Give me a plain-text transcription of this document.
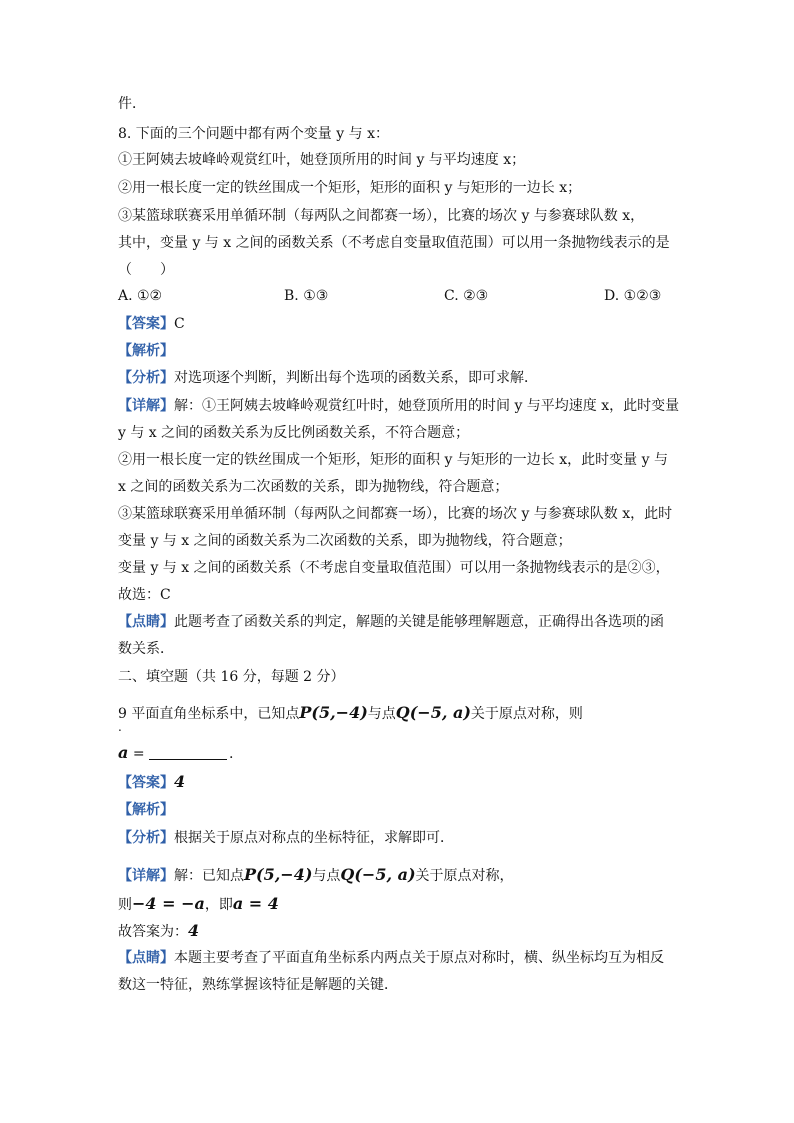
件．
8. 下面的三个问题中都有两个变量 y 与 x：
①王阿姨去坡峰岭观赏红叶，她登顶所用的时间 y 与平均速度 x；
②用一根长度一定的铁丝围成一个矩形，矩形的面积 y 与矩形的一边长 x；
③某篮球联赛采用单循环制（每两队之间都赛一场），比赛的场次 y 与参赛球队数 x，
其中，变量 y 与 x 之间的函数关系（不考虑自变量取值范围）可以用一条抛物线表示的是
（　　）
A. ①②	B. ①③	C. ②③	D. ①②③
【答案】C
【解析】
【分析】对选项逐个判断，判断出每个选项的函数关系，即可求解．
【详解】解：①王阿姨去坡峰岭观赏红叶时，她登顶所用的时间 y 与平均速度 x，此时变量
y 与 x 之间的函数关系为反比例函数关系，不符合题意；
②用一根长度一定的铁丝围成一个矩形，矩形的面积 y 与矩形的一边长 x，此时变量 y 与
x 之间的函数关系为二次函数的关系，即为抛物线，符合题意；
③某篮球联赛采用单循环制（每两队之间都赛一场），比赛的场次 y 与参赛球队数 x，此时
变量 y 与 x 之间的函数关系为二次函数的关系，即为抛物线，符合题意；
变量 y 与 x 之间的函数关系（不考虑自变量取值范围）可以用一条抛物线表示的是②③，
故选：C
【点睛】此题考查了函数关系的判定，解题的关键是能够理解题意，正确得出各选项的函
数关系．
二、填空题（共 16 分，每题 2 分）
9 平面直角坐标系中，已知点P(5,−4)与点Q(−5, a)关于原点对称，则
.
a =	.
【答案】4
【解析】
【分析】根据关于原点对称点的坐标特征，求解即可．
【详解】解：已知点P(5,−4)与点Q(−5, a)关于原点对称，
则−4 = −a，即a = 4
故答案为：4
【点睛】本题主要考查了平面直角坐标系内两点关于原点对称时，横、纵坐标均互为相反
数这一特征，熟练掌握该特征是解题的关键．
